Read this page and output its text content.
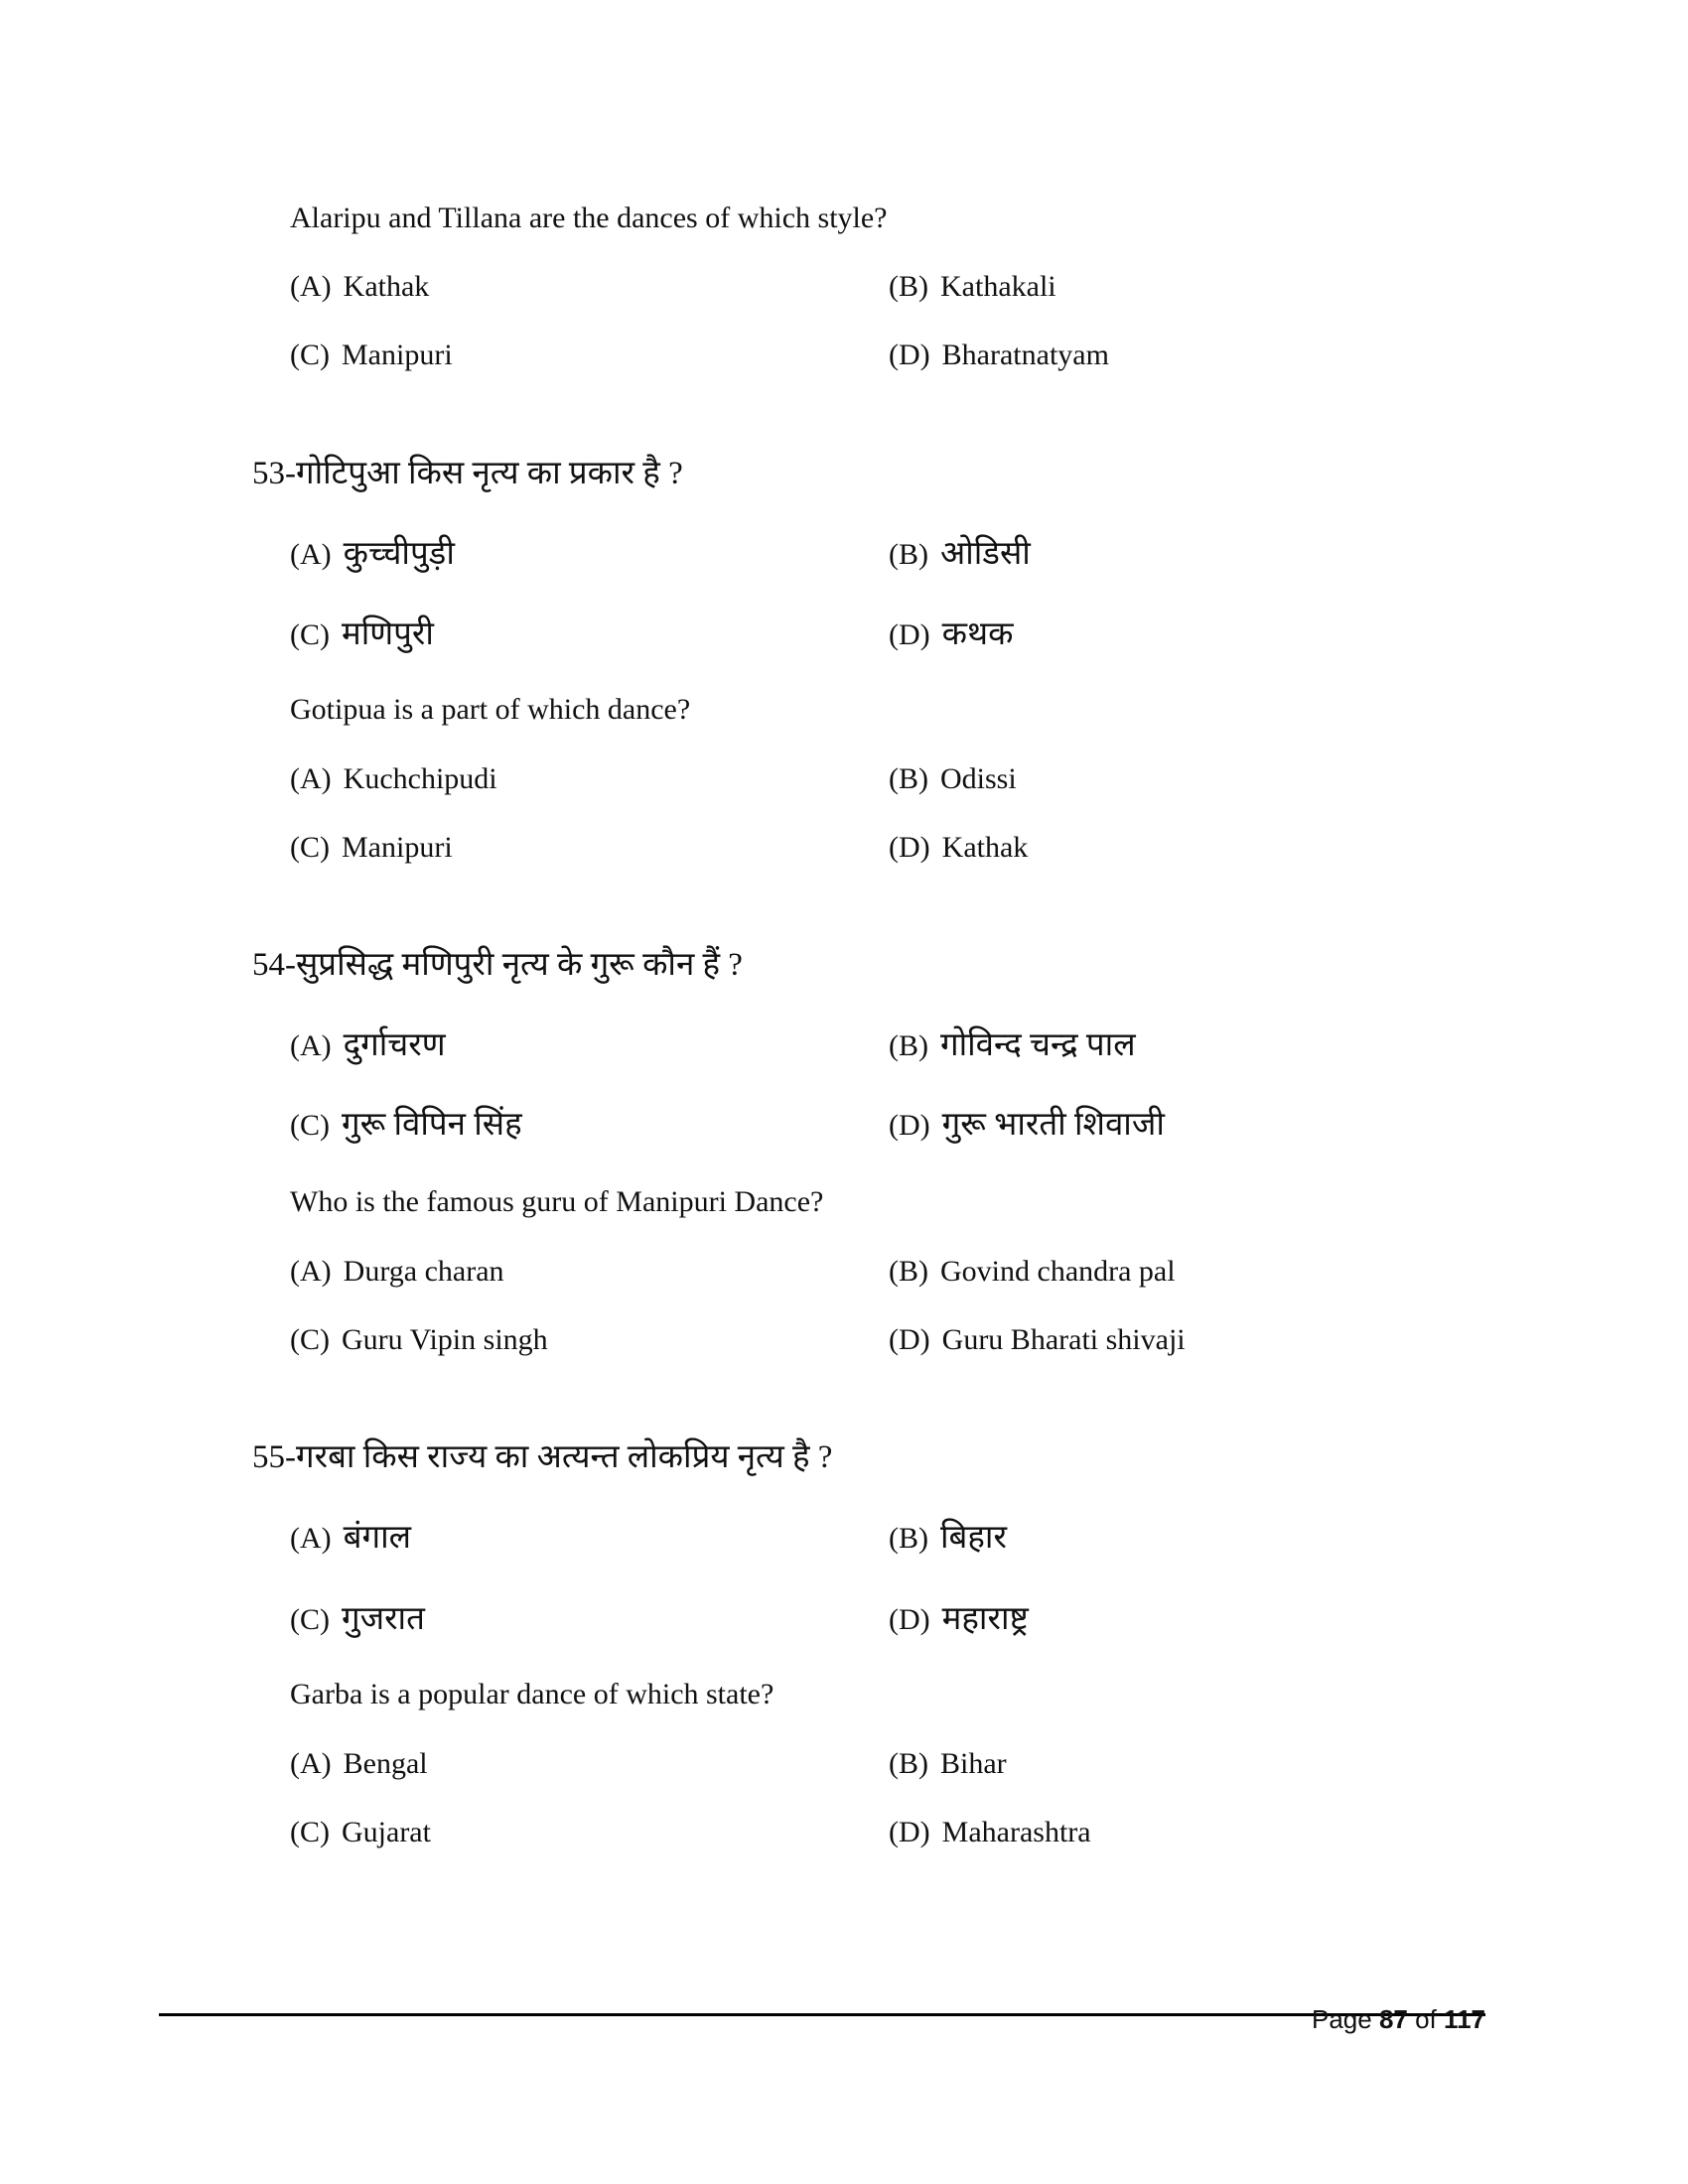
Alaripu and Tillana are the dances of which style?
(A) Kathak	(B) Kathakali
(C) Manipuri	(D) Bharatnatyam
53-गोटिपुआ किस नृत्य का प्रकार है ?
(A) कुच्चीपुड़ी	(B) ओडिसी
(C) मणिपुरी	(D) कथक
Gotipua is a part of which dance?
(A) Kuchchipudi	(B) Odissi
(C) Manipuri	(D) Kathak
54-सुप्रसिद्ध मणिपुरी नृत्य के गुरू कौन हैं ?
(A) दुर्गाचरण	(B) गोविन्द चन्द्र पाल
(C) गुरू विपिन सिंह	(D) गुरू भारती शिवाजी
Who is the famous guru of Manipuri Dance?
(A) Durga charan	(B) Govind chandra pal
(C) Guru Vipin singh	(D) Guru Bharati shivaji
55-गरबा किस राज्य का अत्यन्त लोकप्रिय नृत्य है ?
(A) बंगाल	(B) बिहार
(C) गुजरात	(D) महाराष्ट्र
Garba is a popular dance of which state?
(A) Bengal	(B) Bihar
(C) Gujarat	(D) Maharashtra
Page 87 of 117
